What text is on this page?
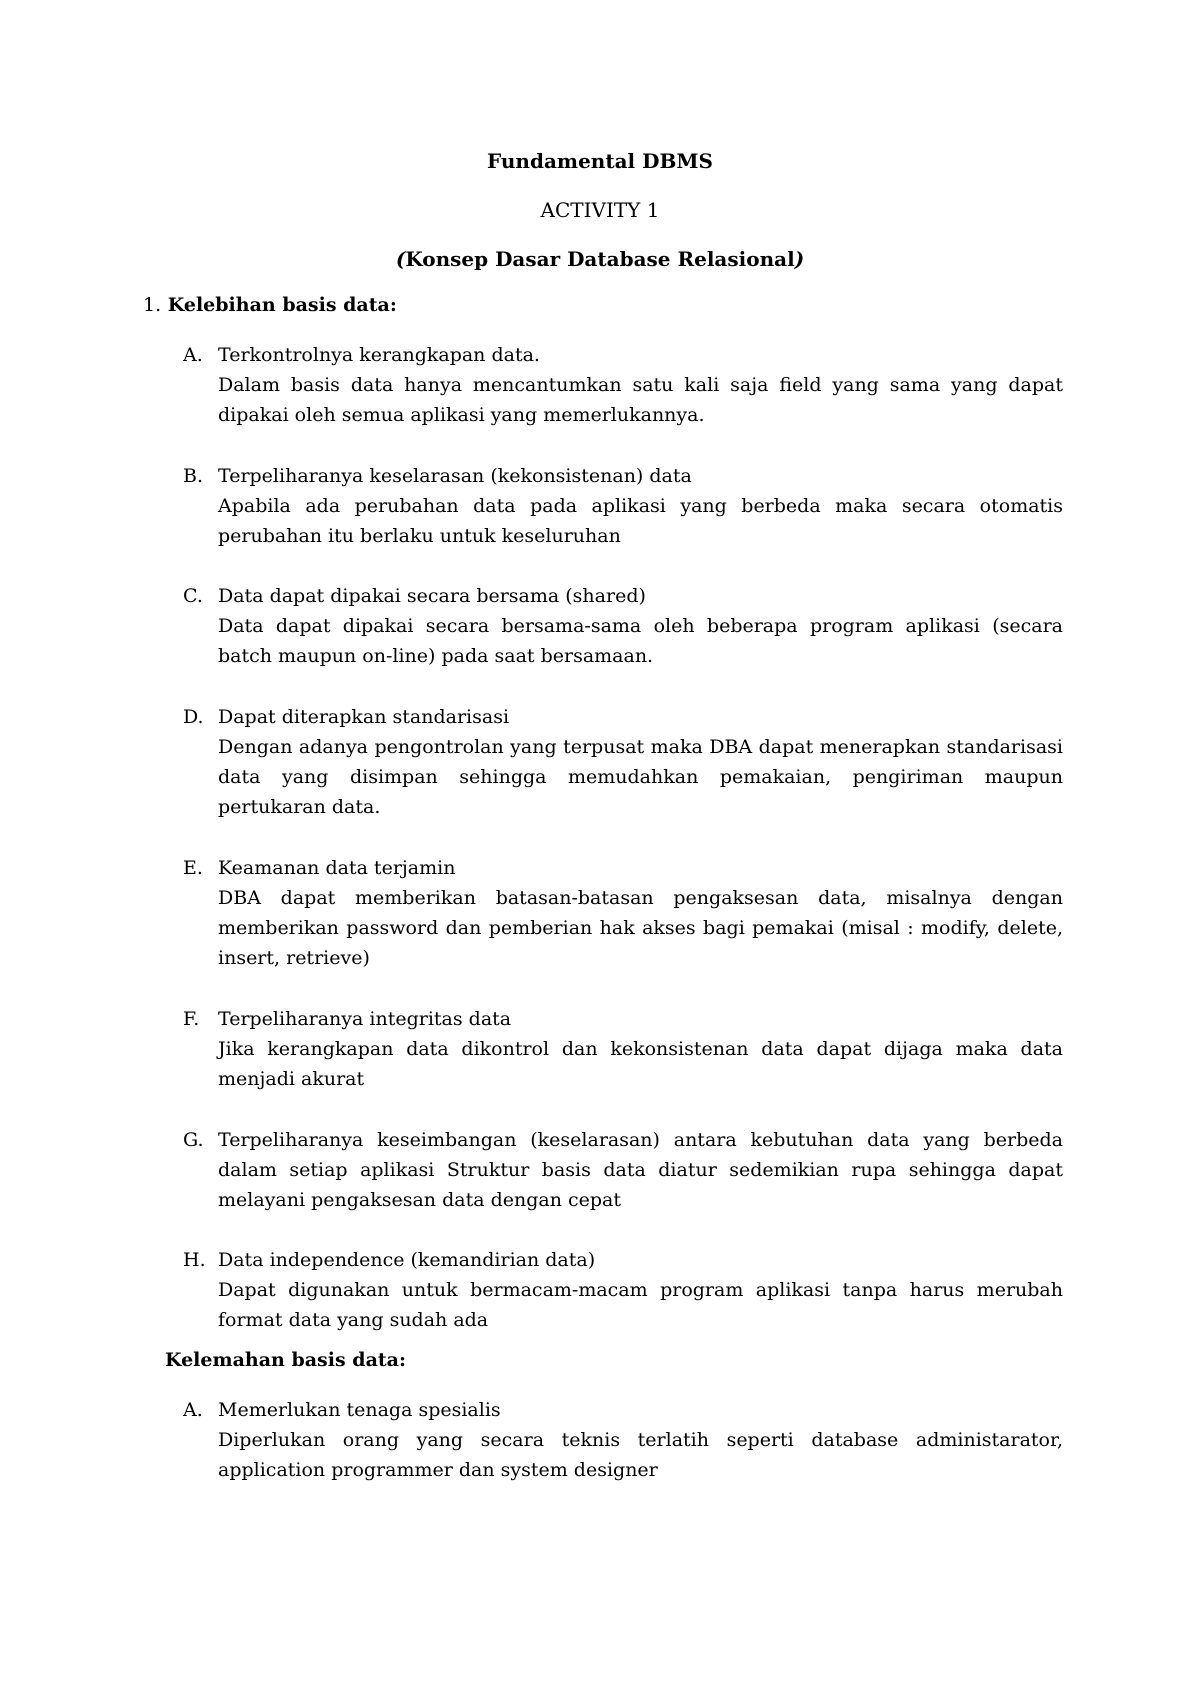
Fundamental DBMS
ACTIVITY 1
(Konsep Dasar Database Relasional)
1. Kelebihan basis data:
A. Terkontrolnya kerangkapan data.
Dalam basis data hanya mencantumkan satu kali saja field yang sama yang dapat dipakai oleh semua aplikasi yang memerlukannya.
B. Terpeliharanya keselarasan (kekonsistenan) data
Apabila ada perubahan data pada aplikasi yang berbeda maka secara otomatis perubahan itu berlaku untuk keseluruhan
C. Data dapat dipakai secara bersama (shared)
Data dapat dipakai secara bersama-sama oleh beberapa program aplikasi (secara batch maupun on-line) pada saat bersamaan.
D. Dapat diterapkan standarisasi
Dengan adanya pengontrolan yang terpusat maka DBA dapat menerapkan standarisasi data yang disimpan sehingga memudahkan pemakaian, pengiriman maupun pertukaran data.
E. Keamanan data terjamin
DBA dapat memberikan batasan-batasan pengaksesan data, misalnya dengan memberikan password dan pemberian hak akses bagi pemakai (misal : modify, delete, insert, retrieve)
F. Terpeliharanya integritas data
Jika kerangkapan data dikontrol dan kekonsistenan data dapat dijaga maka data menjadi akurat
G. Terpeliharanya keseimbangan (keselarasan) antara kebutuhan data yang berbeda dalam setiap aplikasi Struktur basis data diatur sedemikian rupa sehingga dapat melayani pengaksesan data dengan cepat
H. Data independence (kemandirian data)
Dapat digunakan untuk bermacam-macam program aplikasi tanpa harus merubah format data yang sudah ada
Kelemahan basis data:
A. Memerlukan tenaga spesialis
Diperlukan orang yang secara teknis terlatih seperti database administarator, application programmer dan system designer
